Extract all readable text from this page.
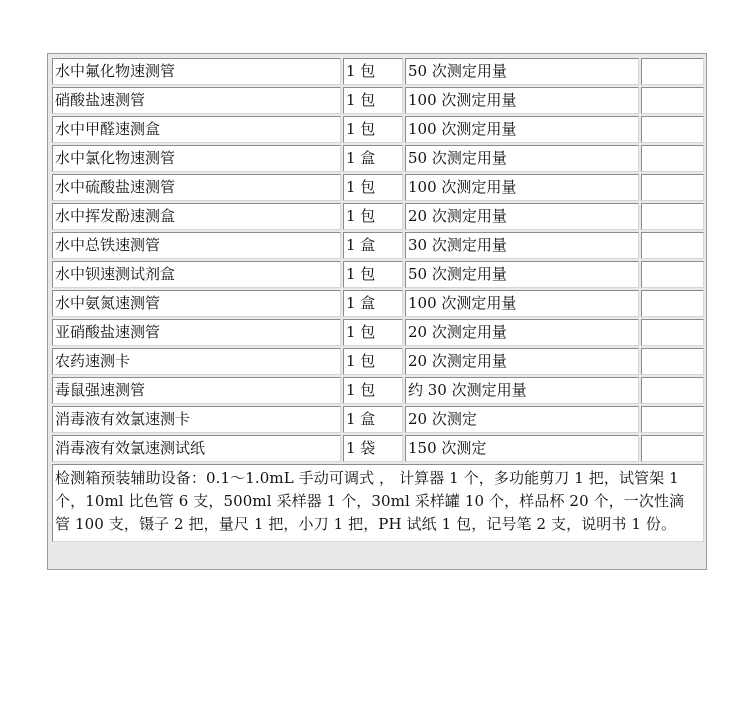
水中氟化物速测管	1 包	50 次测定用量	
硝酸盐速测管	1 包	100 次测定用量	
水中甲醛速测盒	1 包	100 次测定用量	
水中氯化物速测管	1 盒	50 次测定用量	
水中硫酸盐速测管	1 包	100 次测定用量	
水中挥发酚速测盒	1 包	20 次测定用量	
水中总铁速测管	1 盒	30 次测定用量	
水中钡速测试剂盒	1 包	50 次测定用量	
水中氨氮速测管	1 盒	100 次测定用量	
亚硝酸盐速测管	1 包	20 次测定用量	
农药速测卡	1 包	20 次测定用量	
毒鼠强速测管	1 包	约 30 次测定用量	
消毒液有效氯速测卡	1 盒	20 次测定	
消毒液有效氯速测试纸	1 袋	150 次测定	
检测箱预装辅助设备：0.1～1.0mL 手动可调式 ， 计算器 1 个，多功能剪刀 1 把，试管架 1 个，10ml 比色管 6 支，500ml 采样器 1 个，30ml 采样罐 10 个，样品杯 20 个，一次性滴管 100 支，镊子 2 把，量尺 1 把，小刀 1 把，PH 试纸 1 包，记号笔 2 支，说明书 1 份。			
